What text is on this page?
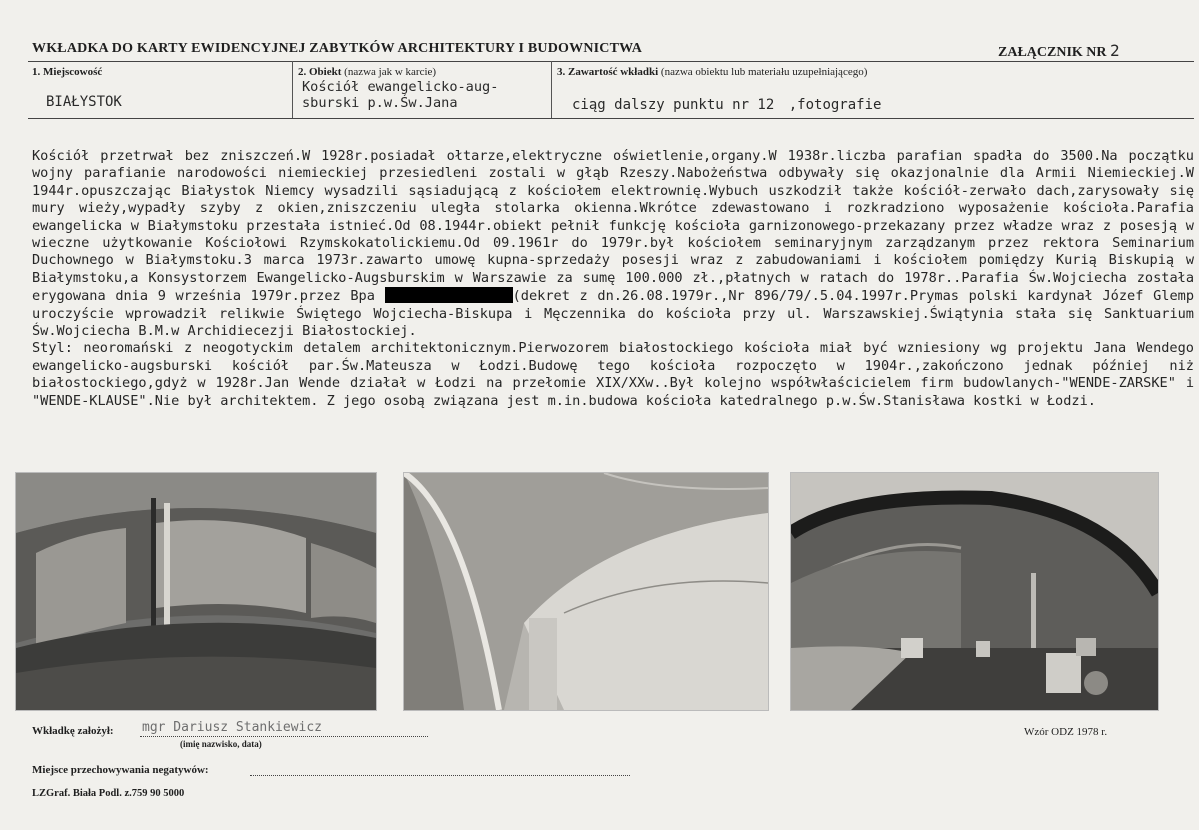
WKŁADKA DO KARTY EWIDENCYJNEJ ZABYTKÓW ARCHITEKTURY I BUDOWNICTWA	ZAŁĄCZNIK NR 2
1. Miejscowość
BIAŁYSTOK
2. Obiekt (nazwa jak w karcie)
Kościół ewangelicko-aug-
sburski p.w.Św.Jana
3. Zawartość wkładki (nazwa obiektu lub materiału uzupełniającego)
ciąg dalszy punktu nr 12 ,fotografie

Kościół przetrwał bez zniszczeń.W 1928r.posiadał ołtarze,elektryczne oświetlenie,organy.W 1938r.liczba parafian spadła do 3500.Na początku wojny parafianie narodowości niemieckiej przesiedleni zostali w głąb Rzeszy.Nabożeństwa odbywały się okazjonalnie dla Armii Niemieckiej.W 1944r.opuszczając Białystok Niemcy wysadzili sąsiadującą z kościołem elektrownię.Wybuch uszkodził także kościół-zerwało dach,zarysowały się mury wieży,wypadły szyby z okien,zniszczeniu uległa stolarka okienna.Wkrótce zdewastowano i rozkradziono wyposażenie kościoła.Parafia ewangelicka w Białymstoku przestała istnieć.Od 08.1944r.obiekt pełnił funkcję kościoła garnizonowego-przekazany przez władze wraz z posesją w wieczne użytkowanie Kościołowi Rzymskokatolickiemu.Od 09.1961r do 1979r.był kościołem seminaryjnym zarządzanym przez rektora Seminarium Duchownego w Białymstoku.3 marca 1973r.zawarto umowę kupna-sprzedaży posesji wraz z zabudowaniami i kościołem pomiędzy Kurią Biskupią w Białymstoku,a Konsystorzem Ewangelicko-Augsburskim w Warszawie za sumę 100.000 zł.,płatnych w ratach do 1978r..Parafia Św.Wojciecha została erygowana dnia 9 września 1979r.przez Bpa	(dekret z dn.26.08.1979r.,Nr 896/79/.5.04.1997r.Prymas polski kardynał Józef Glemp uroczyście wprowadził relikwie Świętego Wojciecha-Biskupa i Męczennika do kościoła przy ul. Warszawskiej.Świątynia stała się Sanktuarium Św.Wojciecha B.M.w Archidiecezji Białostockiej.

Styl: neoromański z neogotyckim detalem architektonicznym.Pierwozorem białostockiego kościoła miał być wzniesiony wg projektu Jana Wendego ewangelicko-augsburski kościół par.Św.Mateusza w Łodzi.Budowę tego kościoła rozpoczęto w 1904r.,zakończono jednak później niż białostockiego,gdyż w 1928r.Jan Wende działał w Łodzi na przełomie XIX/XXw..Był kolejno współwłaścicielem firm budowlanych-"WENDE-ZARSKE" i "WENDE-KLAUSE".Nie był architektem. Z jego osobą związana jest m.in.budowa kościoła katedralnego p.w.Św.Stanisława kostki w Łodzi.

Wkładkę założył: mgr Dariusz Stankiewicz
(imię nazwisko, data)
Wzór ODZ 1978 r.
Miejsce przechowywania negatywów:
LZGraf. Biała Podl. z.759 90 5000
